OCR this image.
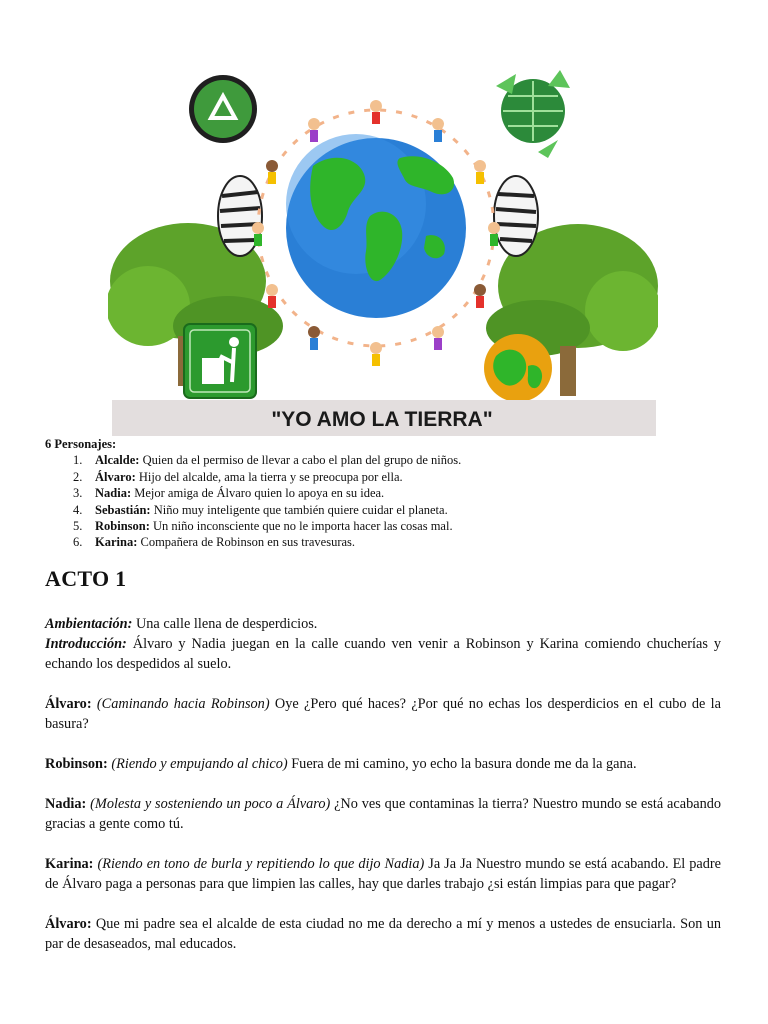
"YO AMO LA TIERRA"
6 Personajes:
1. Alcalde: Quien da el permiso de llevar a cabo el plan del grupo de niños.
2. Álvaro: Hijo del alcalde, ama la tierra y se preocupa por ella.
3. Nadia: Mejor amiga de Álvaro quien lo apoya en su idea.
4. Sebastián: Niño muy inteligente que también quiere cuidar el planeta.
5. Robinson: Un niño inconsciente que no le importa hacer las cosas mal.
6. Karina: Compañera de Robinson en sus travesuras.
ACTO 1

Ambientación: Una calle llena de desperdicios.

Introducción: Álvaro y Nadia juegan en la calle cuando ven venir a Robinson y Karina comiendo chucherías y echando los despedidos al suelo.

Álvaro: (Caminando hacia Robinson) Oye ¿Pero qué haces? ¿Por qué no echas los desperdicios en el cubo de la basura?

Robinson: (Riendo y empujando al chico) Fuera de mi camino, yo echo la basura donde me da la gana.

Nadia: (Molesta y sosteniendo un poco a Álvaro) ¿No ves que contaminas la tierra? Nuestro mundo se está acabando gracias a gente como tú.

Karina: (Riendo en tono de burla y repitiendo lo que dijo Nadia) Ja Ja Ja Nuestro mundo se está acabando. El padre de Álvaro paga a personas para que limpien las calles, hay que darles trabajo ¿si están limpias para que pagar?

Álvaro: Que mi padre sea el alcalde de esta ciudad no me da derecho a mí y menos a ustedes de ensuciarla. Son un par de desaseados, mal educados.
